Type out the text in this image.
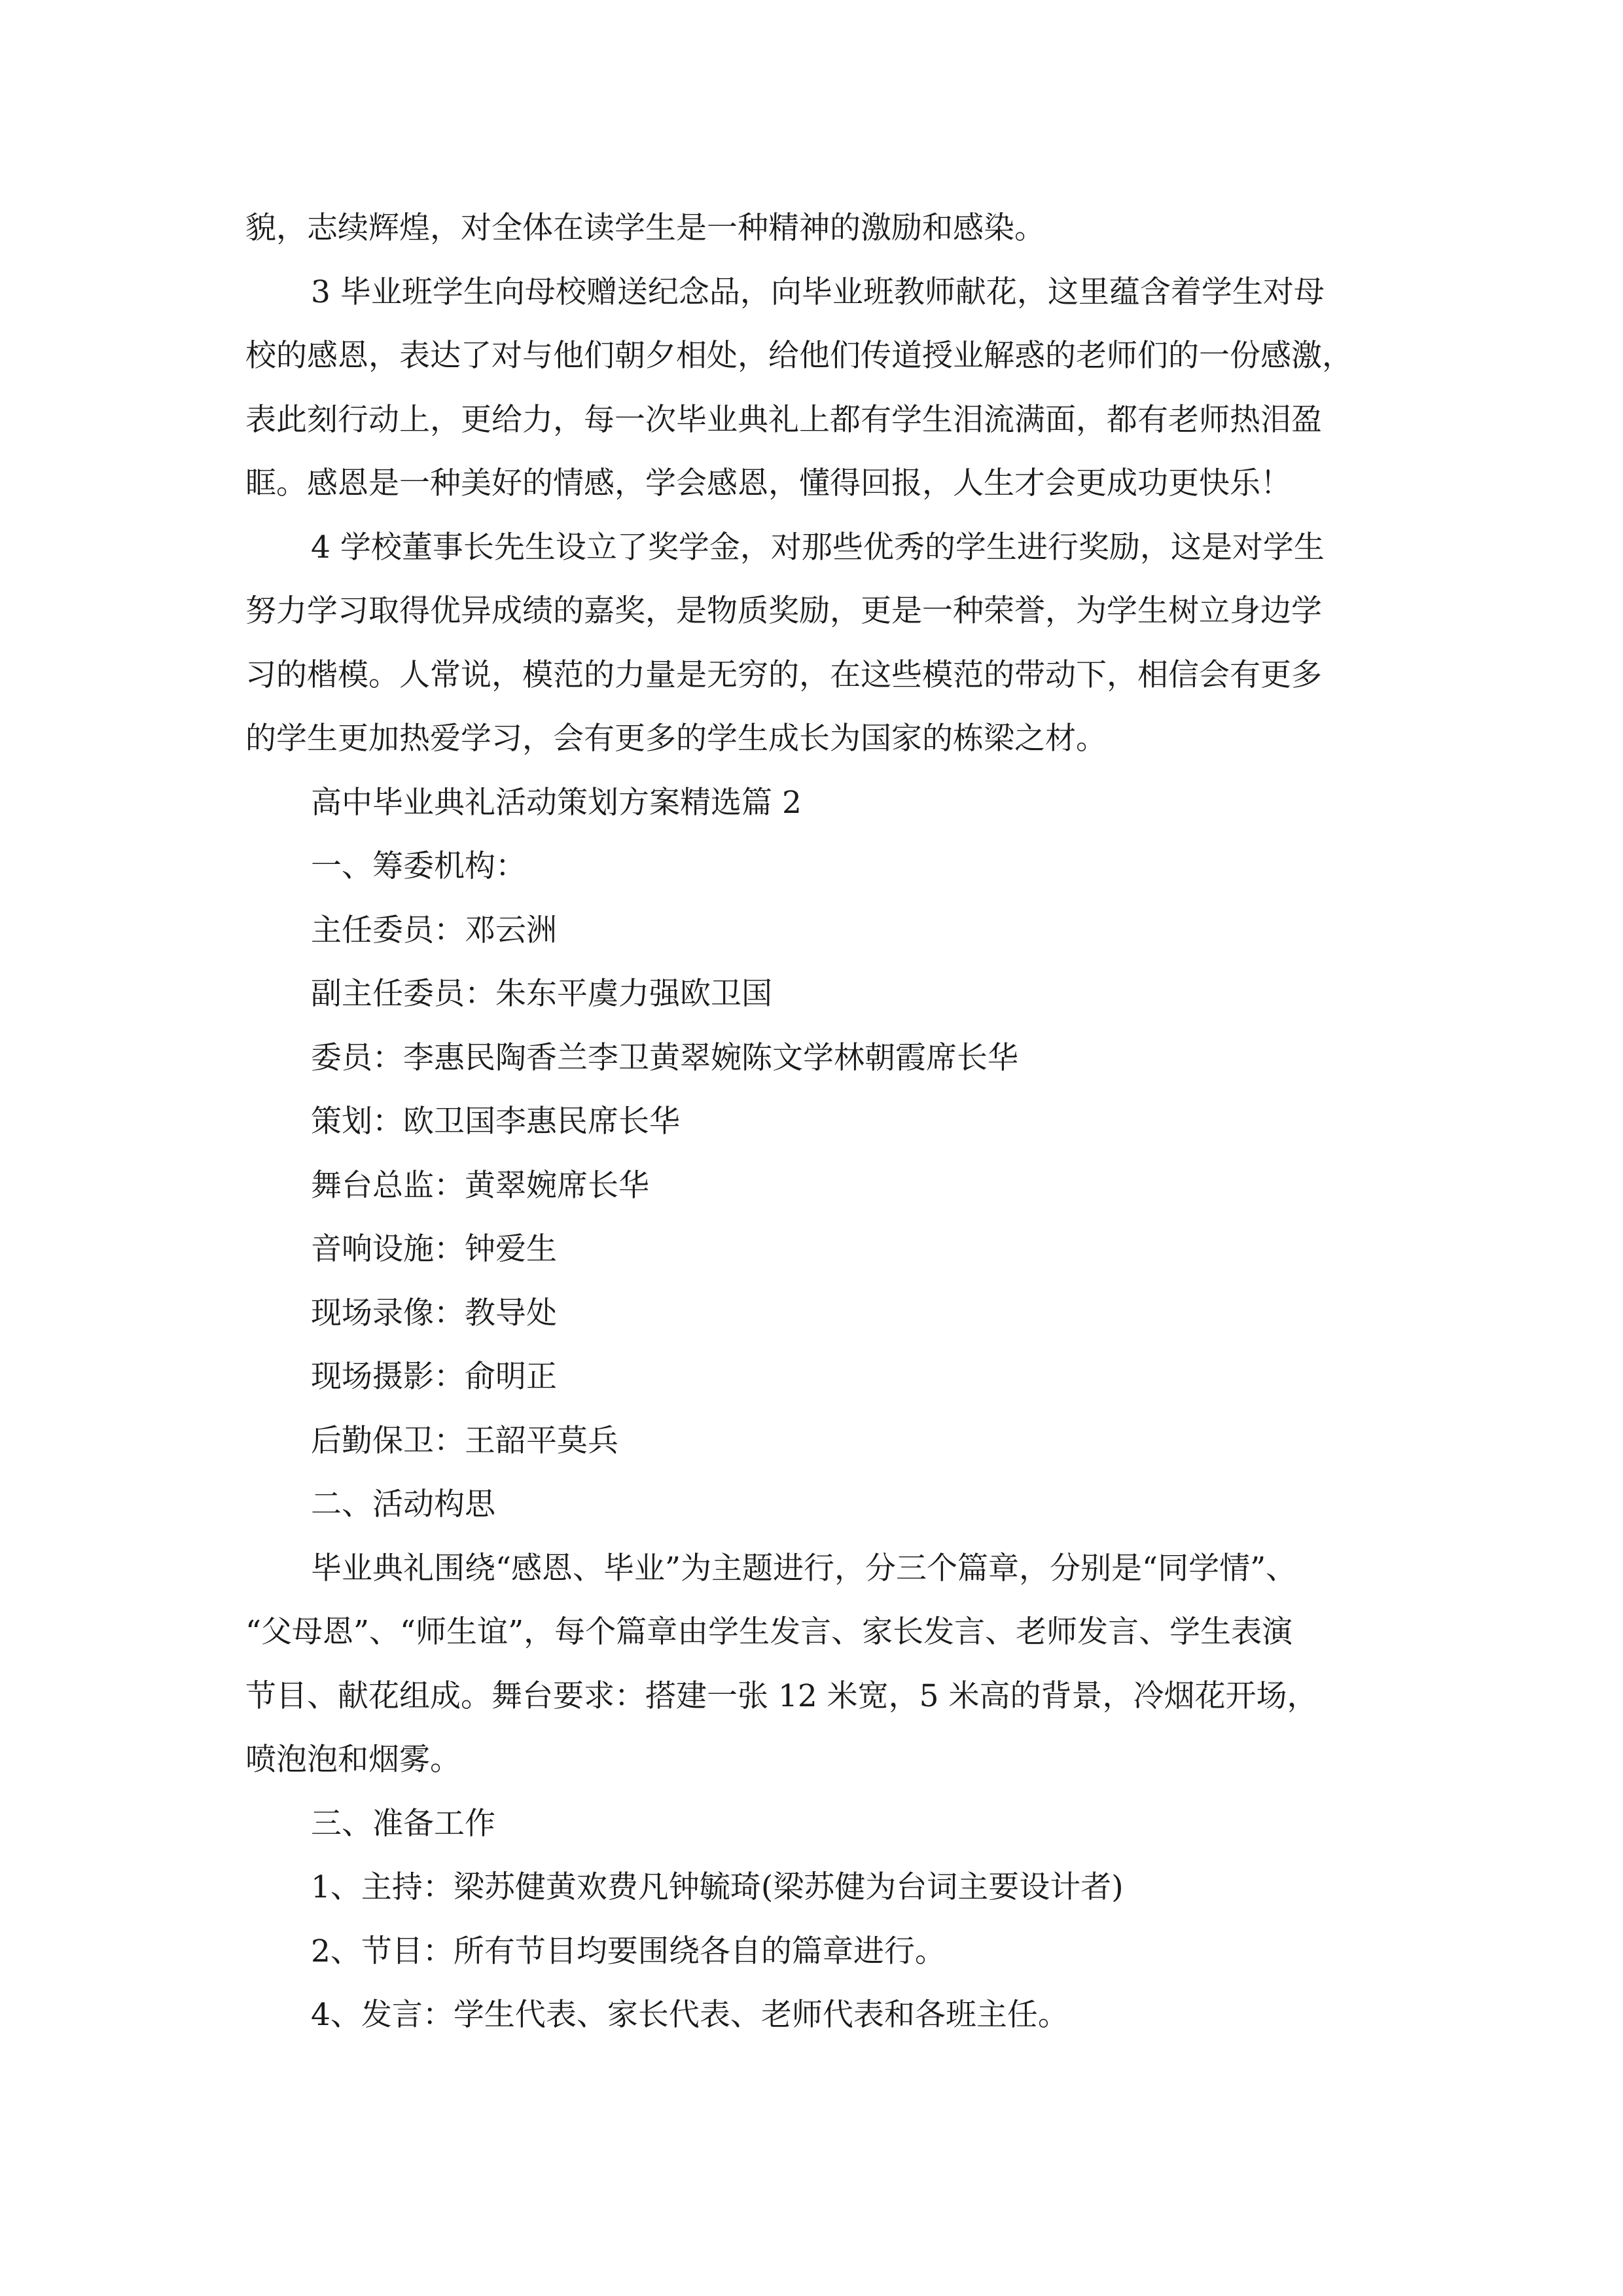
貌，志续辉煌，对全体在读学生是一种精神的激励和感染。
3 毕业班学生向母校赠送纪念品，向毕业班教师献花，这里蕴含着学生对母
校的感恩，表达了对与他们朝夕相处，给他们传道授业解惑的老师们的一份感激，
表此刻行动上，更给力，每一次毕业典礼上都有学生泪流满面，都有老师热泪盈
眶。感恩是一种美好的情感，学会感恩，懂得回报，人生才会更成功更快乐！
4 学校董事长先生设立了奖学金，对那些优秀的学生进行奖励，这是对学生
努力学习取得优异成绩的嘉奖，是物质奖励，更是一种荣誉，为学生树立身边学
习的楷模。人常说，模范的力量是无穷的，在这些模范的带动下，相信会有更多
的学生更加热爱学习，会有更多的学生成长为国家的栋梁之材。
高中毕业典礼活动策划方案精选篇 2
一、筹委机构：
主任委员：邓云洲
副主任委员：朱东平虞力强欧卫国
委员：李惠民陶香兰李卫黄翠婉陈文学林朝霞席长华
策划：欧卫国李惠民席长华
舞台总监：黄翠婉席长华
音响设施：钟爱生
现场录像：教导处
现场摄影：俞明正
后勤保卫：王韶平莫兵
二、活动构思
毕业典礼围绕“感恩、毕业”为主题进行，分三个篇章，分别是“同学情”、
“父母恩”、“师生谊”，每个篇章由学生发言、家长发言、老师发言、学生表演
节目、献花组成。舞台要求：搭建一张 12 米宽，5 米高的背景，冷烟花开场，
喷泡泡和烟雾。
三、准备工作
1、主持：梁苏健黄欢费凡钟毓琦(梁苏健为台词主要设计者)
2、节目：所有节目均要围绕各自的篇章进行。
4、发言：学生代表、家长代表、老师代表和各班主任。
